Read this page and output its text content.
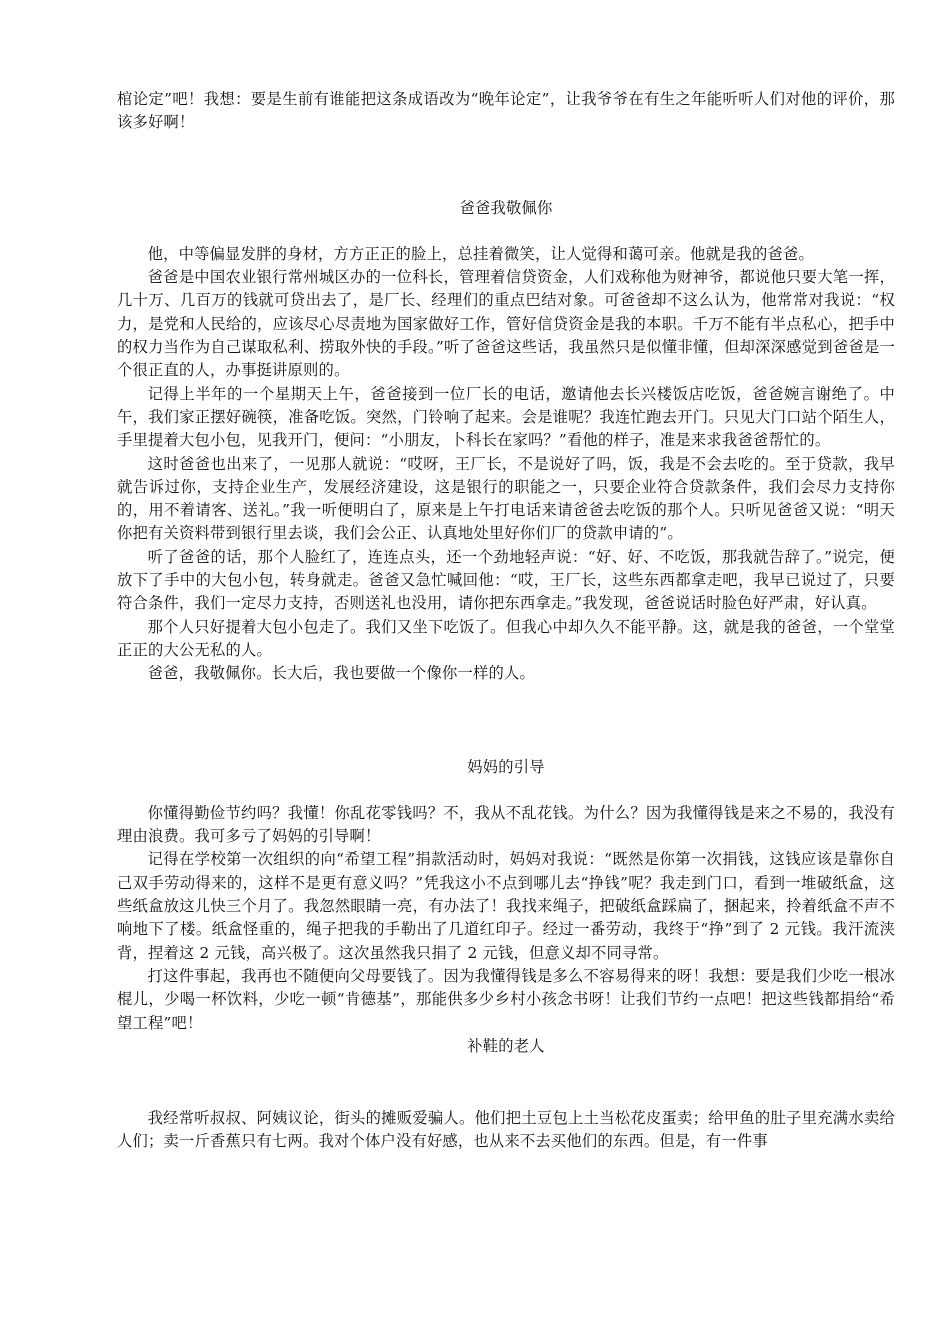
棺论定”吧！我想：要是生前有谁能把这条成语改为“晚年论定”，让我爷爷在有生之年能听听人们对他的评价，那该多好啊！

爸爸我敬佩你

他，中等偏显发胖的身材，方方正正的脸上，总挂着微笑，让人觉得和蔼可亲。他就是我的爸爸。

爸爸是中国农业银行常州城区办的一位科长，管理着信贷资金，人们戏称他为财神爷，都说他只要大笔一挥，几十万、几百万的钱就可贷出去了，是厂长、经理们的重点巴结对象。可爸爸却不这么认为，他常常对我说：“权力，是党和人民给的，应该尽心尽责地为国家做好工作，管好信贷资金是我的本职。千万不能有半点私心，把手中的权力当作为自己谋取私利、捞取外快的手段。”听了爸爸这些话，我虽然只是似懂非懂，但却深深感觉到爸爸是一个很正直的人，办事挺讲原则的。

记得上半年的一个星期天上午，爸爸接到一位厂长的电话，邀请他去长兴楼饭店吃饭，爸爸婉言谢绝了。中午，我们家正摆好碗筷，准备吃饭。突然，门铃响了起来。会是谁呢？我连忙跑去开门。只见大门口站个陌生人，手里提着大包小包，见我开门，便问：“小朋友，卜科长在家吗？”看他的样子，准是来求我爸爸帮忙的。

这时爸爸也出来了，一见那人就说：“哎呀，王厂长，不是说好了吗，饭，我是不会去吃的。至于贷款，我早就告诉过你，支持企业生产，发展经济建设，这是银行的职能之一，只要企业符合贷款条件，我们会尽力支持你的，用不着请客、送礼。”我一听便明白了，原来是上午打电话来请爸爸去吃饭的那个人。只听见爸爸又说：“明天你把有关资料带到银行里去谈，我们会公正、认真地处里好你们厂的贷款申请的”。

听了爸爸的话，那个人脸红了，连连点头，还一个劲地轻声说：“好、好、不吃饭，那我就告辞了。”说完，便放下了手中的大包小包，转身就走。爸爸又急忙喊回他：“哎，王厂长，这些东西都拿走吧，我早已说过了，只要符合条件，我们一定尽力支持，否则送礼也没用，请你把东西拿走。”我发现，爸爸说话时脸色好严肃，好认真。

那个人只好提着大包小包走了。我们又坐下吃饭了。但我心中却久久不能平静。这，就是我的爸爸，一个堂堂正正的大公无私的人。

爸爸，我敬佩你。长大后，我也要做一个像你一样的人。

妈妈的引导

你懂得勤俭节约吗？我懂！你乱花零钱吗？不，我从不乱花钱。为什么？因为我懂得钱是来之不易的，我没有理由浪费。我可多亏了妈妈的引导啊！

记得在学校第一次组织的向“希望工程”捐款活动时，妈妈对我说：“既然是你第一次捐钱，这钱应该是靠你自己双手劳动得来的，这样不是更有意义吗？”凭我这小不点到哪儿去“挣钱”呢？我走到门口，看到一堆破纸盒，这些纸盒放这儿快三个月了。我忽然眼睛一亮，有办法了！我找来绳子，把破纸盒踩扁了，捆起来，拎着纸盒不声不响地下了楼。纸盒怪重的，绳子把我的手勒出了几道红印子。经过一番劳动，我终于“挣”到了 2 元钱。我汗流浃背，捏着这 2 元钱，高兴极了。这次虽然我只捐了 2 元钱，但意义却不同寻常。

打这件事起，我再也不随便向父母要钱了。因为我懂得钱是多么不容易得来的呀！我想：要是我们少吃一根冰棍儿，少喝一杯饮料，少吃一顿“肯德基”，那能供多少乡村小孩念书呀！让我们节约一点吧！把这些钱都捐给“希望工程”吧！

补鞋的老人

我经常听叔叔、阿姨议论，街头的摊贩爱骗人。他们把土豆包上土当松花皮蛋卖；给甲鱼的肚子里充满水卖给人们；卖一斤香蕉只有七两。我对个体户没有好感，也从来不去买他们的东西。但是，有一件事
